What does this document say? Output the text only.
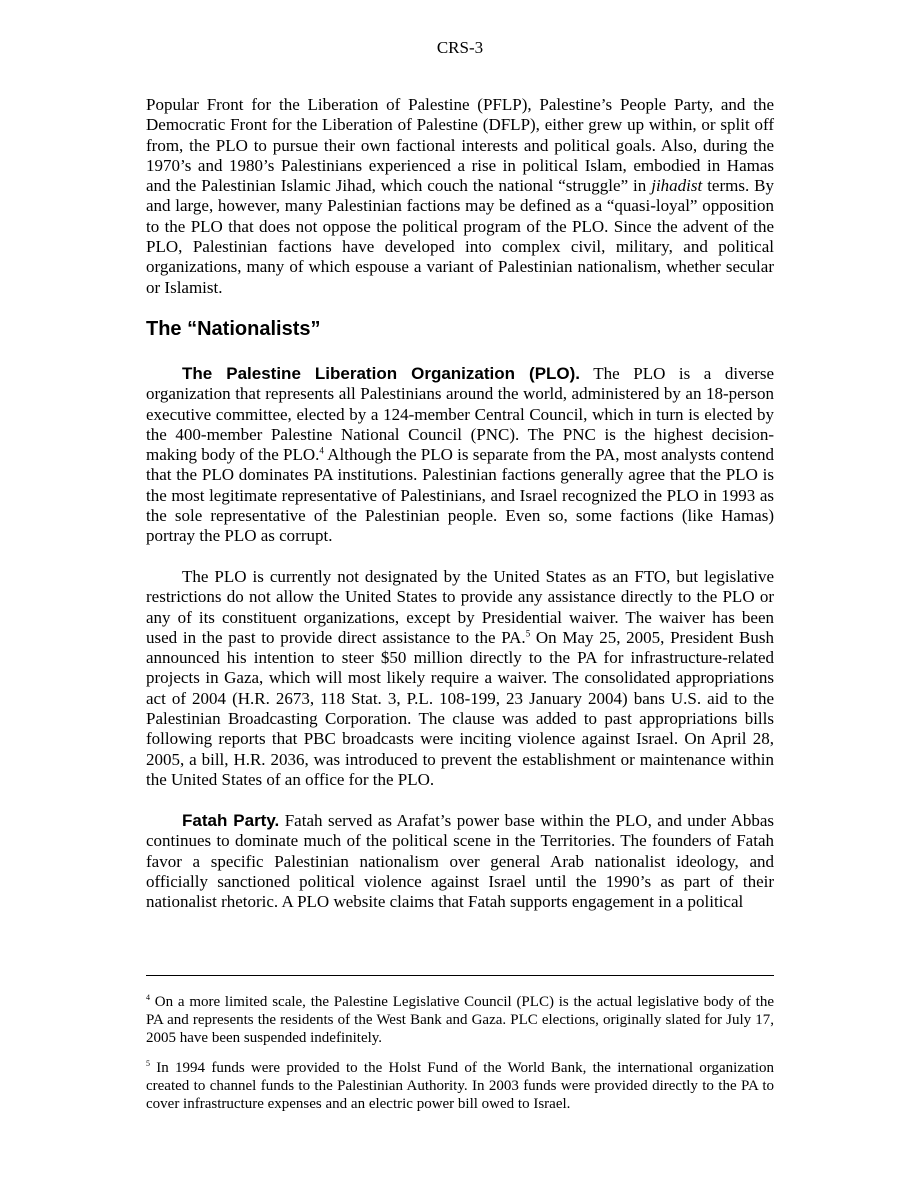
CRS-3

Popular Front for the Liberation of Palestine (PFLP), Palestine’s People Party, and the Democratic Front for the Liberation of Palestine (DFLP), either grew up within, or split off from, the PLO to pursue their own factional interests and political goals. Also, during the 1970’s and 1980’s Palestinians experienced a rise in political Islam, embodied in Hamas and the Palestinian Islamic Jihad, which couch the national “struggle” in jihadist terms. By and large, however, many Palestinian factions may be defined as a “quasi-loyal” opposition to the PLO that does not oppose the political program of the PLO. Since the advent of the PLO, Palestinian factions have developed into complex civil, military, and political organizations, many of which espouse a variant of Palestinian nationalism, whether secular or Islamist.

The “Nationalists”

The Palestine Liberation Organization (PLO). The PLO is a diverse organization that represents all Palestinians around the world, administered by an 18-person executive committee, elected by a 124-member Central Council, which in turn is elected by the 400-member Palestine National Council (PNC). The PNC is the highest decision-making body of the PLO.$^4$ Although the PLO is separate from the PA, most analysts contend that the PLO dominates PA institutions. Palestinian factions generally agree that the PLO is the most legitimate representative of Palestinians, and Israel recognized the PLO in 1993 as the sole representative of the Palestinian people. Even so, some factions (like Hamas) portray the PLO as corrupt.

The PLO is currently not designated by the United States as an FTO, but legislative restrictions do not allow the United States to provide any assistance directly to the PLO or any of its constituent organizations, except by Presidential waiver. The waiver has been used in the past to provide direct assistance to the PA.$^5$ On May 25, 2005, President Bush announced his intention to steer $50 million directly to the PA for infrastructure-related projects in Gaza, which will most likely require a waiver. The consolidated appropriations act of 2004 (H.R. 2673, 118 Stat. 3, P.L. 108-199, 23 January 2004) bans U.S. aid to the Palestinian Broadcasting Corporation. The clause was added to past appropriations bills following reports that PBC broadcasts were inciting violence against Israel. On April 28, 2005, a bill, H.R. 2036, was introduced to prevent the establishment or maintenance within the United States of an office for the PLO.

Fatah Party. Fatah served as Arafat’s power base within the PLO, and under Abbas continues to dominate much of the political scene in the Territories. The founders of Fatah favor a specific Palestinian nationalism over general Arab nationalist ideology, and officially sanctioned political violence against Israel until the 1990’s as part of their nationalist rhetoric. A PLO website claims that Fatah supports engagement in a political

$^4$ On a more limited scale, the Palestine Legislative Council (PLC) is the actual legislative body of the PA and represents the residents of the West Bank and Gaza. PLC elections, originally slated for July 17, 2005 have been suspended indefinitely.

$^5$ In 1994 funds were provided to the Holst Fund of the World Bank, the international organization created to channel funds to the Palestinian Authority. In 2003 funds were provided directly to the PA to cover infrastructure expenses and an electric power bill owed to Israel.
